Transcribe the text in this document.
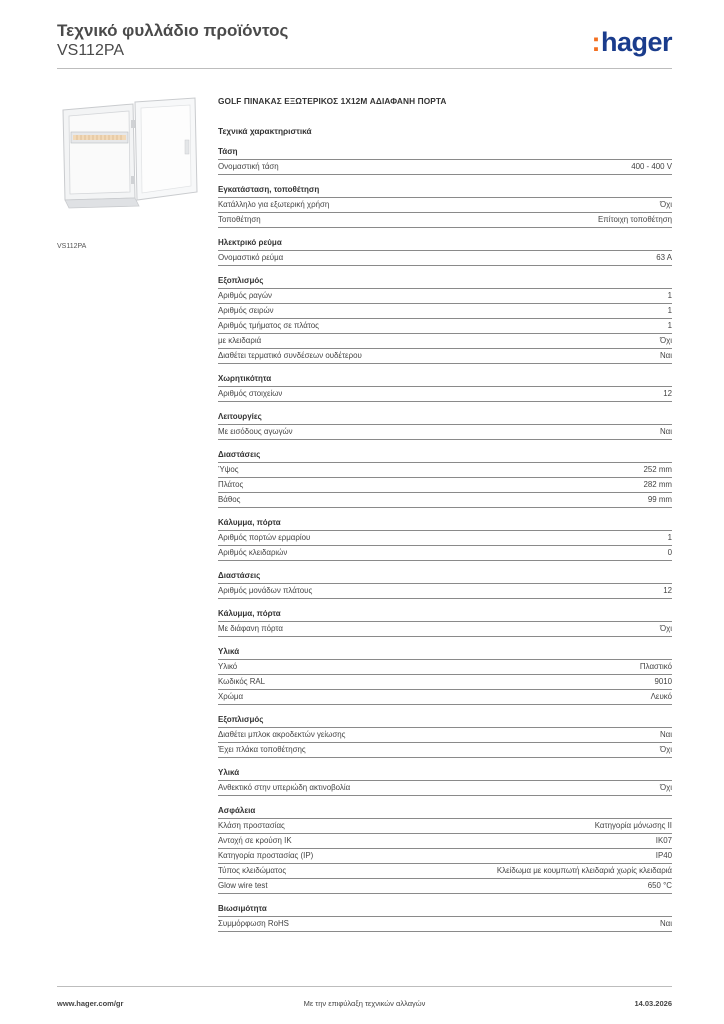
Τεχνικό φυλλάδιο προϊόντος
VS112PA	:hager
VS112PA
GOLF ΠΙΝΑΚΑΣ ΕΞΩΤΕΡΙΚΟΣ 1X12M ΑΔΙΑΦΑΝΗ ΠΟΡΤΑ
Τεχνικά χαρακτηριστικά
Τάση
Ονομαστική τάση	400 - 400 V
Εγκατάσταση, τοποθέτηση
Κατάλληλο για εξωτερική χρήση	Όχι
Τοποθέτηση	Επίτοιχη τοποθέτηση
Ηλεκτρικό ρεύμα
Ονομαστικό ρεύμα	63 A
Εξοπλισμός
Αριθμός ραγών	1
Αριθμός σειρών	1
Αριθμός τμήματος σε πλάτος	1
με κλειδαριά	Όχι
Διαθέτει τερματικό συνδέσεων ουδέτερου	Ναι
Χωρητικότητα
Αριθμός στοιχείων	12
Λειτουργίες
Με εισόδους αγωγών	Ναι
Διαστάσεις
Ύψος	252 mm
Πλάτος	282 mm
Βάθος	99 mm
Κάλυμμα, πόρτα
Αριθμός πορτών ερμαρίου	1
Αριθμός κλειδαριών	0
Διαστάσεις
Αριθμός μονάδων πλάτους	12
Κάλυμμα, πόρτα
Με διάφανη πόρτα	Όχι
Υλικά
Υλικό	Πλαστικό
Κωδικός RAL	9010
Χρώμα	Λευκό
Εξοπλισμός
Διαθέτει μπλοκ ακροδεκτών γείωσης	Ναι
Έχει πλάκα τοποθέτησης	Όχι
Υλικά
Ανθεκτικό στην υπεριώδη ακτινοβολία	Όχι
Ασφάλεια
Κλάση προστασίας	Κατηγορία μόνωσης II
Αντοχή σε κρούση IK	IK07
Κατηγορία προστασίας (IP)	IP40
Τύπος κλειδώματος	Κλείδωμα με κουμπωτή κλειδαριά χωρίς κλειδαριά
Glow wire test	650 °C
Βιωσιμότητα
Συμμόρφωση RoHS	Ναι
www.hager.com/gr	Με την επιφύλαξη τεχνικών αλλαγών	14.03.2026
